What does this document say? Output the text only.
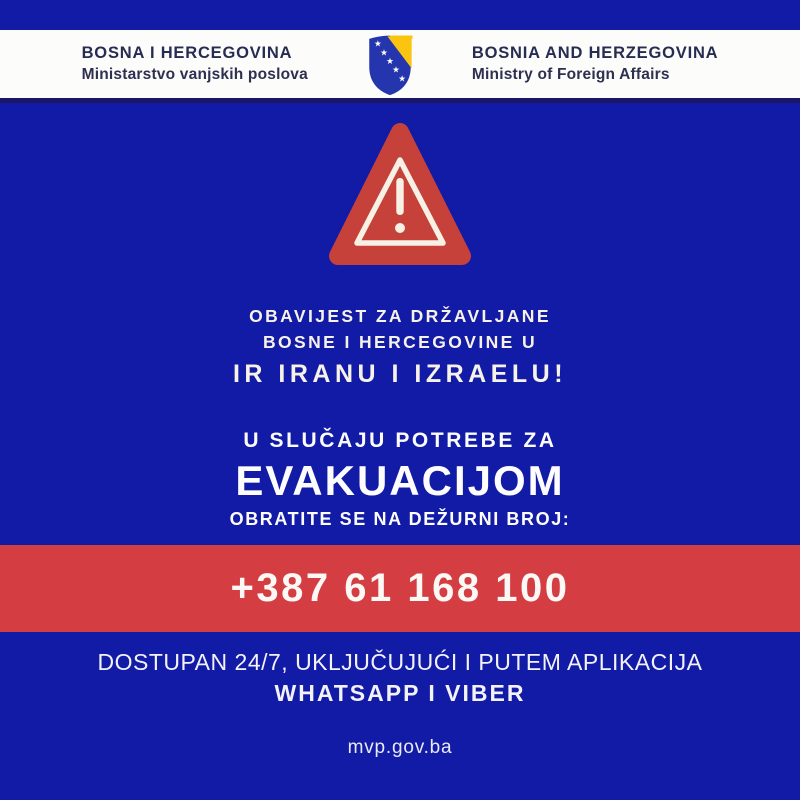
BOSNA I HERCEGOVINA
Ministarstvo vanjskih poslova
★
★
★
★
★
BOSNIA AND HERZEGOVINA
Ministry of Foreign Affairs
OBAVIJEST ZA DRŽAVLJANE
BOSNE I HERCEGOVINE U
IR IRANU I IZRAELU!
U SLUČAJU POTREBE ZA
EVAKUACIJOM
OBRATITE SE NA DEŽURNI BROJ:
+387 61 168 100
DOSTUPAN 24/7, UKLJUČUJUĆI I PUTEM APLIKACIJA
WHATSAPP I VIBER
mvp.gov.ba
